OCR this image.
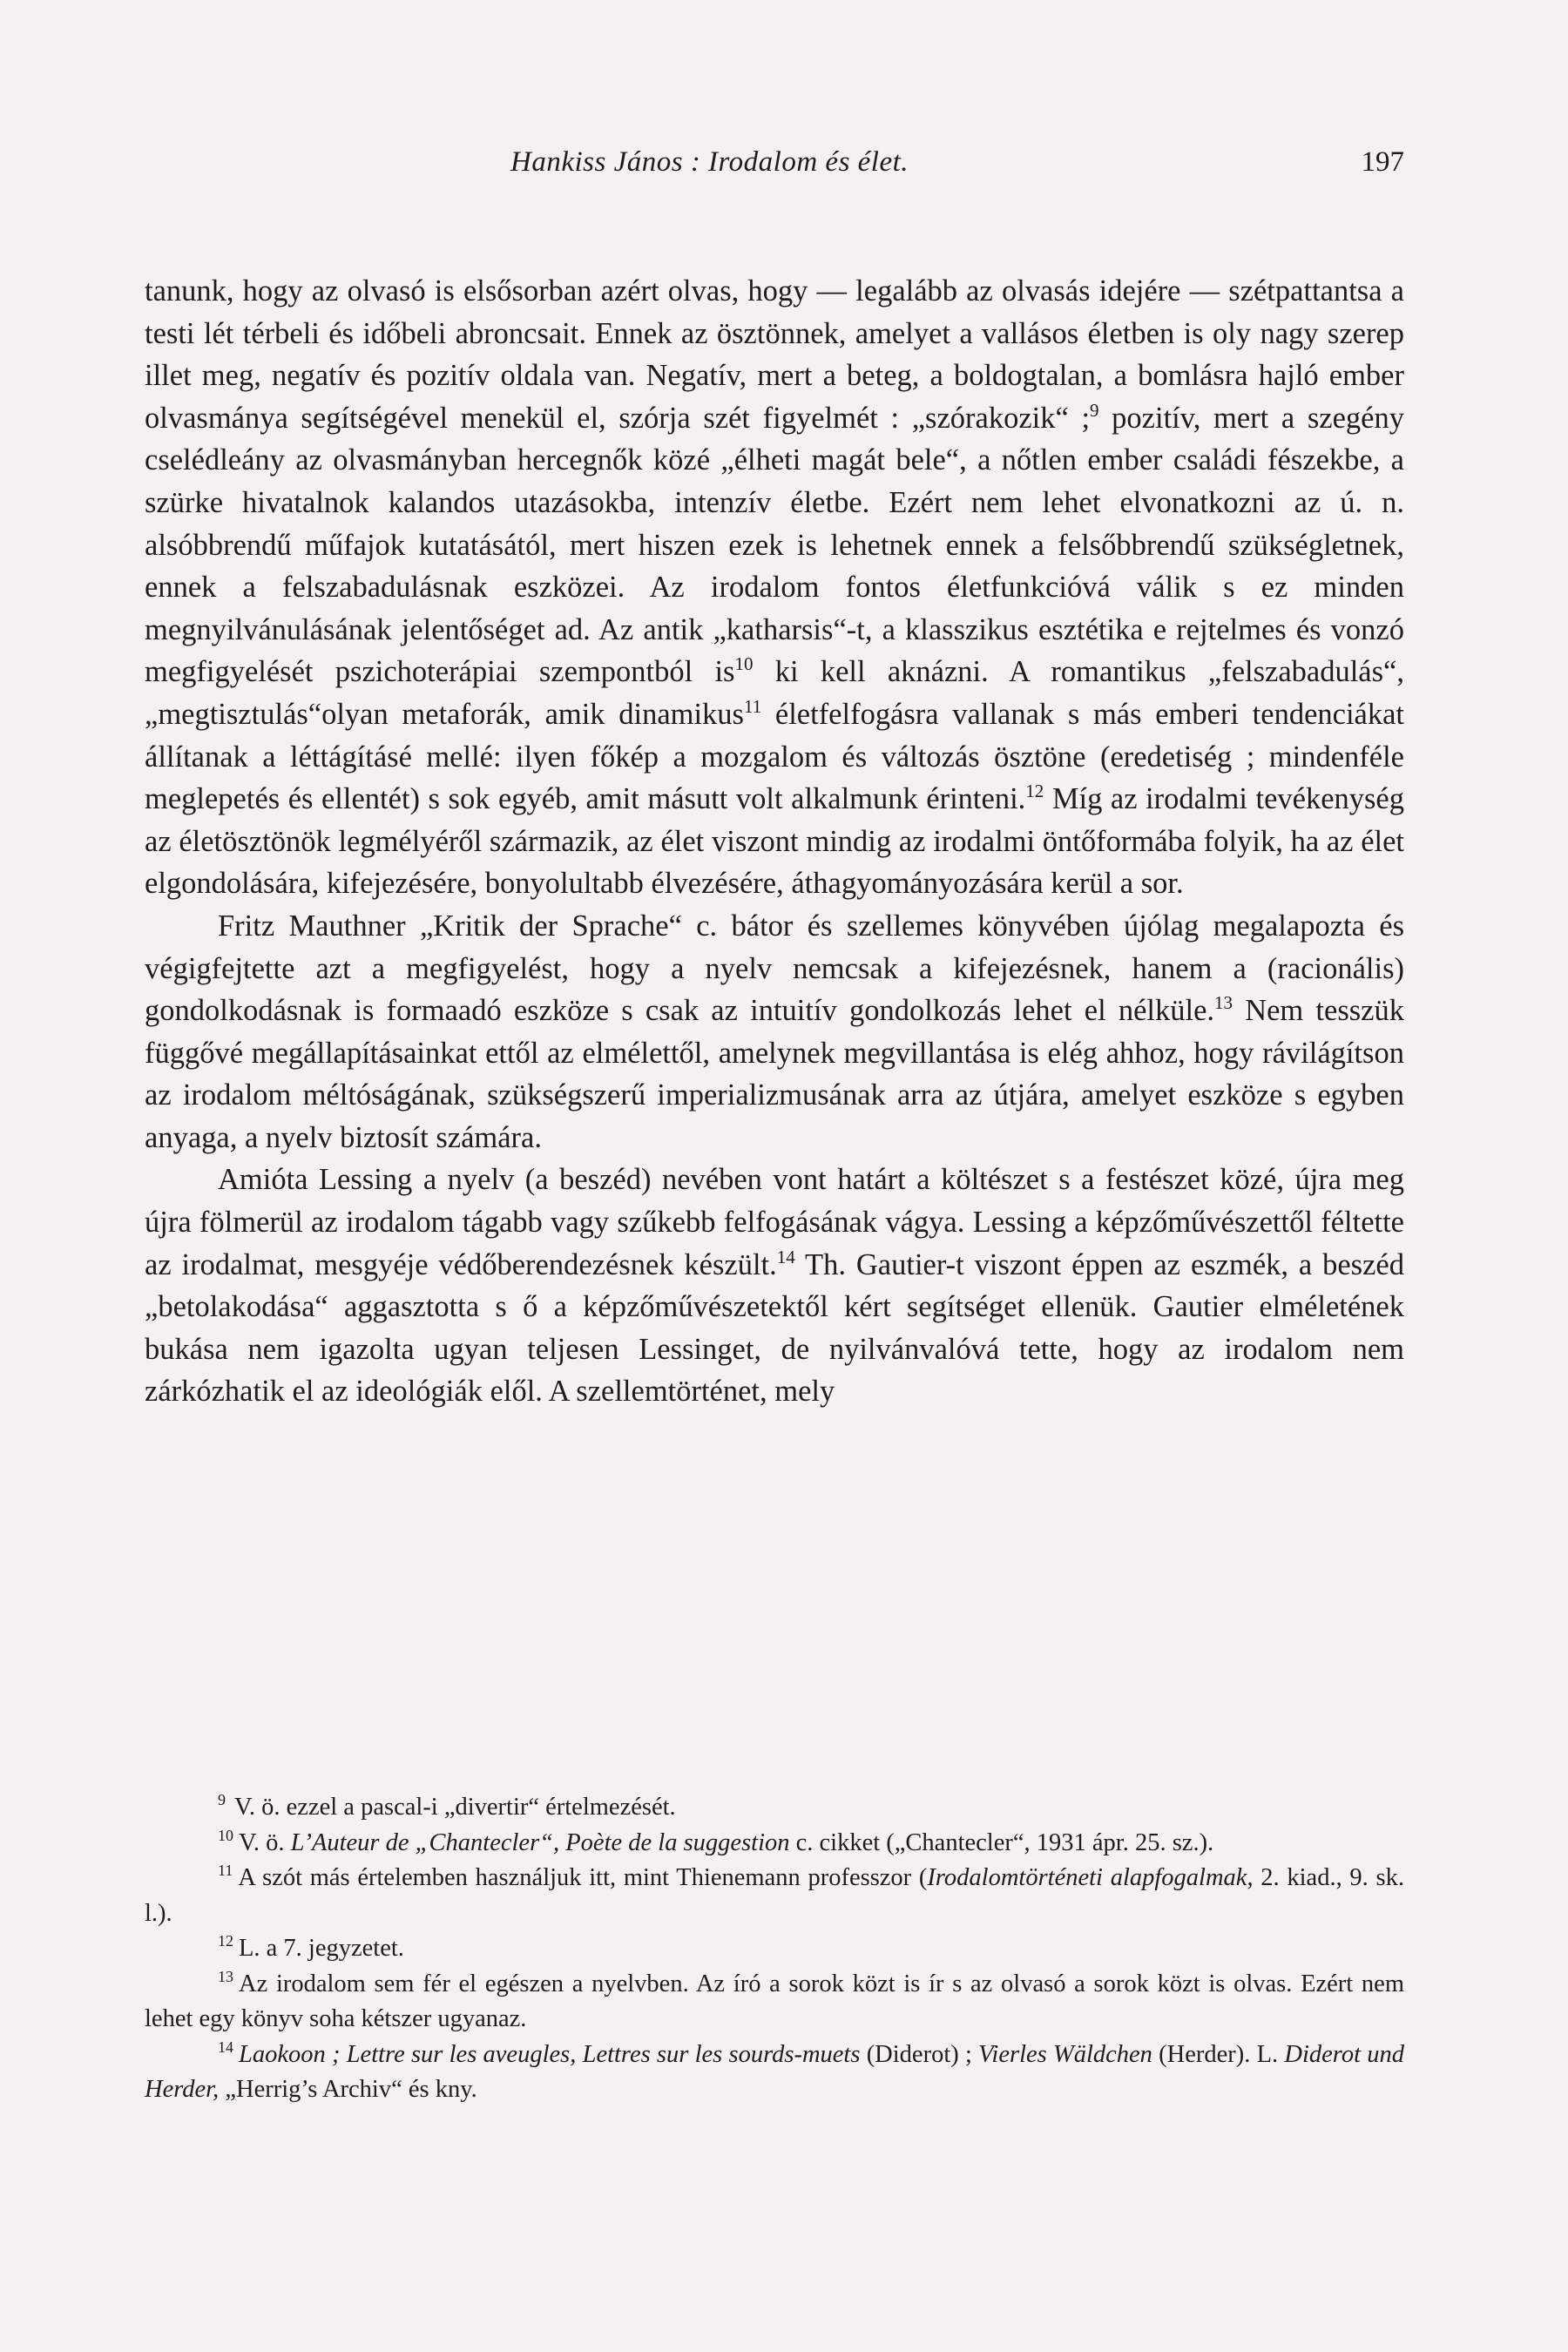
Hankiss János : Irodalom és élet.	197

tanunk, hogy az olvasó is elsősorban azért olvas, hogy — legalább az olvasás idejére — szétpattantsa a testi lét térbeli és időbeli abroncsait. Ennek az ösztönnek, amelyet a vallásos életben is oly nagy szerep illet meg, negatív és pozitív oldala van. Negatív, mert a beteg, a boldogtalan, a bomlásra hajló ember olvasmánya segítségével menekül el, szórja szét figyelmét : „szórakozik“ ;$^9$ pozitív, mert a szegény cselédleány az olvasmányban hercegnők közé „élheti magát bele“, a nőtlen ember családi fészekbe, a szürke hivatalnok kalandos utazásokba, intenzív életbe. Ezért nem lehet elvonatkozni az ú. n. alsóbbrendű műfajok kutatásától, mert hiszen ezek is lehetnek ennek a felsőbbrendű szükségletnek, ennek a felszabadulásnak eszközei. Az irodalom fontos életfunkcióvá válik s ez minden megnyilvánulásának jelentőséget ad. Az antik „katharsis“-t, a klasszikus esztétika e rejtelmes és vonzó megfigyelését pszichoterápiai szempontból is$^{10}$ ki kell aknázni. A romantikus „felszabadulás“, „megtisztulás“olyan metaforák, amik dinamikus$^{11}$ életfelfogásra vallanak s más emberi tendenciákat állítanak a léttágításé mellé: ilyen főkép a mozgalom és változás ösztöne (eredetiség ; mindenféle meglepetés és ellentét) s sok egyéb, amit másutt volt alkalmunk érinteni.$^{12}$ Míg az irodalmi tevékenység az életösztönök legmélyéről származik, az élet viszont mindig az irodalmi öntőformába folyik, ha az élet elgondolására, kifejezésére, bonyolultabb élvezésére, áthagyományozására kerül a sor.

Fritz Mauthner „Kritik der Sprache“ c. bátor és szellemes könyvében újólag megalapozta és végigfejtette azt a megfigyelést, hogy a nyelv nemcsak a kifejezésnek, hanem a (racionális) gondolkodásnak is formaadó eszköze s csak az intuitív gondolkozás lehet el nélküle.$^{13}$ Nem tesszük függővé megállapításainkat ettől az elmélettől, amelynek megvillantása is elég ahhoz, hogy rávilágítson az irodalom méltóságának, szükségszerű imperializmusának arra az útjára, amelyet eszköze s egyben anyaga, a nyelv biztosít számára.

Amióta Lessing a nyelv (a beszéd) nevében vont határt a költészet s a festészet közé, újra meg újra fölmerül az irodalom tágabb vagy szűkebb felfogásának vágya. Lessing a képzőművészettől féltette az irodalmat, mesgyéje védőberendezésnek készült.$^{14}$ Th. Gautier-t viszont éppen az eszmék, a beszéd „betolakodása“ aggasztotta s ő a képzőművészetektől kért segítséget ellenük. Gautier elméletének bukása nem igazolta ugyan teljesen Lessinget, de nyilvánvalóvá tette, hogy az irodalom nem zárkózhatik el az ideológiák elől. A szellemtörténet, mely

$^9$ V. ö. ezzel a pascal-i „divertir“ értelmezését.

$^{10}$ V. ö. L’Auteur de „Chantecler“, Poète de la suggestion c. cikket („Chantecler“, 1931 ápr. 25. sz.).

$^{11}$ A szót más értelemben használjuk itt, mint Thienemann professzor (Irodalomtörténeti alapfogalmak, 2. kiad., 9. sk. l.).

$^{12}$ L. a 7. jegyzetet.

$^{13}$ Az irodalom sem fér el egészen a nyelvben. Az író a sorok közt is ír s az olvasó a sorok közt is olvas. Ezért nem lehet egy könyv soha kétszer ugyanaz.

$^{14}$ Laokoon ; Lettre sur les aveugles, Lettres sur les sourds-muets (Diderot) ; Vierles Wäldchen (Herder). L. Diderot und Herder, „Herrig’s Archiv“ és kny.
